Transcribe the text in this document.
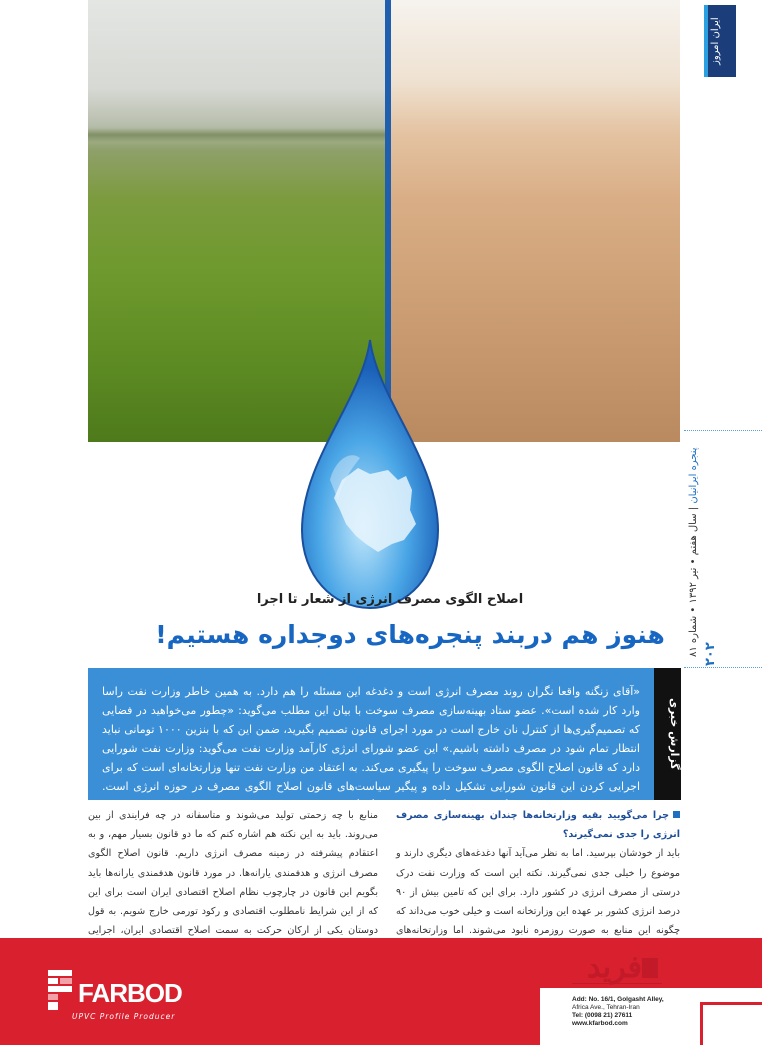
ایران امروز
پنجره ایرانیان | سال هفتم • تیر ۱۳۹۲ • شماره ۸۱
۲۰۲
اصلاح الگوی مصرف انرژی از شعار تا اجرا
هنوز هم دربند پنجره‌های دوجداره هستیم!

«آقای زنگنه واقعا نگران روند مصرف انرژی است و دغدغه این مسئله را هم دارد. به همین خاطر وزارت نفت راسا وارد کار شده است». عضو ستاد بهینه‌سازی مصرف سوخت با بیان این مطلب می‌گوید: «چطور می‌خواهید در فضایی که تصمیم‌گیری‌ها از کنترل نان خارج است در مورد اجرای قانون تصمیم بگیرید، ضمن این که با بنزین ۱۰۰۰ تومانی نباید انتظار تمام شود در مصرف داشته باشیم.» این عضو شورای انرژی کارآمد وزارت نفت می‌گوید: وزارت نفت شورایی دارد که قانون اصلاح الگوی مصرف سوخت را پیگیری می‌کند. به اعتقاد من وزارت نفت تنها وزارتخانه‌ای است که برای اجرایی کردن این قانون شورایی تشکیل داده و پیگیر سیاست‌های قانون اصلاح الگوی مصرف در حوزه انرژی است. متاسفانه سایر وزارتخانه‌ها درگیر این امر پیگیری نکرده‌اند. گفتگوی ما را با مجید عمید پور در ادامه می‌خوانید.

گزارش خبری
چرا می‌گویید بقیه وزارتخانه‌ها چندان بهینه‌سازی مصرف انرژی را جدی نمی‌گیرند؟
باید از خودشان بپرسید. اما به نظر می‌آید آنها دغدغه‌های دیگری دارند و موضوع را خیلی جدی نمی‌گیرند. نکته این است که وزارت نفت درک درستی از مصرف انرژی در کشور دارد. برای این که تامین بیش از ۹۰ درصد انرژی کشور بر عهده این وزارتخانه است و خیلی خوب می‌داند که چگونه این منابع به صورت روزمره نابود می‌شوند. اما وزارتخانه‌های
منابع با چه زحمتی تولید می‌شوند و متاسفانه در چه فرایندی از بین می‌روند. باید به این نکته هم اشاره کنم که ما دو قانون بسیار مهم، و به اعتقادم پیشرفته در زمینه مصرف انرژی داریم. قانون اصلاح الگوی مصرف انرژی و هدفمندی یارانه‌ها. در مورد قانون هدفمندی یارانه‌ها باید بگویم این قانون در چارچوب نظام اصلاح اقتصادی ایران است برای این که از این شرایط نامطلوب اقتصادی و رکود تورمی خارج شویم. به قول دوستان یکی از ارکان حرکت به سمت اصلاح اقتصادی ایران، اجرایی
FARBOD
UPVC Profile Producer
فرید
Add: No. 16/1, Golgasht Alley,
Africa Ave., Tehran-Iran
Tel: (0098 21) 27611
www.kfarbod.com
